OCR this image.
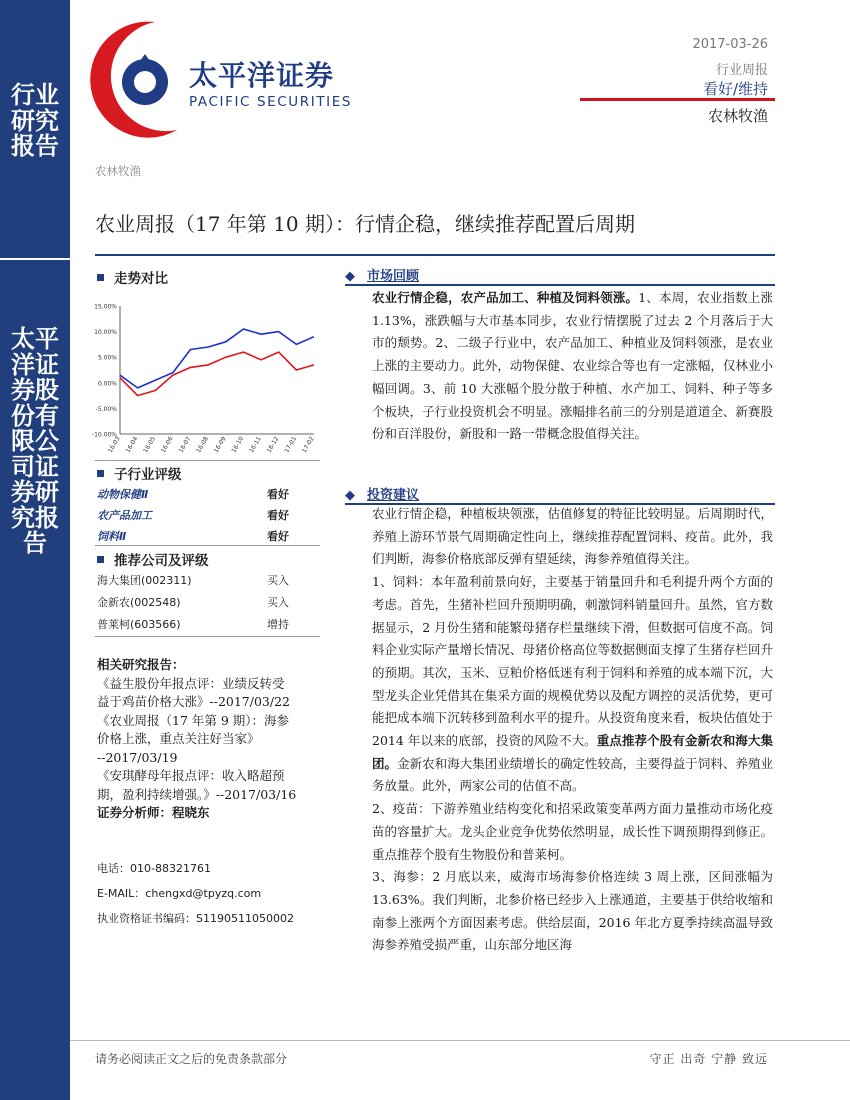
行业研究报告
太平洋证券股份有限公司证券研究报告
太平洋证券
PACIFIC SECURITIES
2017-03-26
行业周报
看好/维持
农林牧渔
农林牧渔
农业周报（17 年第 10 期）：行情企稳，继续推荐配置后周期
走势对比
15.00%
10.00%
5.00%
0.00%
-5.00%
-10.00%
16-03 16-04 16-05 16-06 16-07 16-08 16-09 16-10 16-11 16-12 17-01 17-02
子行业评级
动物保健Ⅱ	看好
农产品加工	看好
饲料Ⅱ	看好
推荐公司及评级
海大集团(002311)	买入
金新农(002548)	买入
普莱柯(603566)	增持
相关研究报告：
《益生股份年报点评：业绩反转受
益于鸡苗价格大涨》--2017/03/22
《农业周报（17 年第 9 期）：海参
价格上涨，重点关注好当家》
--2017/03/19
《安琪酵母年报点评：收入略超预
期，盈利持续增强。》--2017/03/16
证券分析师：程晓东
电话：010-88321761
E-MAIL：chengxd@tpyzq.com
执业资格证书编码：S1190511050002
◆ 市场回顾

农业行情企稳，农产品加工、种植及饲料领涨。1、本周，农业指数上涨 1.13%，涨跌幅与大市基本同步，农业行情摆脱了过去 2 个月落后于大市的颓势。2、二级子行业中，农产品加工、种植业及饲料领涨，是农业上涨的主要动力。此外，动物保健、农业综合等也有一定涨幅，仅林业小幅回调。3、前 10 大涨幅个股分散于种植、水产加工、饲料、种子等多个板块，子行业投资机会不明显。涨幅排名前三的分别是道道全、新赛股份和百洋股份，新股和一路一带概念股值得关注。

◆ 投资建议

农业行情企稳，种植板块领涨，估值修复的特征比较明显。后周期时代，养殖上游环节景气周期确定性向上，继续推荐配置饲料、疫苗。此外，我们判断，海参价格底部反弹有望延续，海参养殖值得关注。

1、饲料：本年盈利前景向好，主要基于销量回升和毛利提升两个方面的考虑。首先，生猪补栏回升预期明确，刺激饲料销量回升。虽然，官方数据显示，2 月份生猪和能繁母猪存栏量继续下滑，但数据可信度不高。饲料企业实际产量增长情况、母猪价格高位等数据侧面支撑了生猪存栏回升的预期。其次，玉米、豆粕价格低迷有利于饲料和养殖的成本端下沉，大型龙头企业凭借其在集采方面的规模优势以及配方调控的灵活优势，更可能把成本端下沉转移到盈利水平的提升。从投资角度来看，板块估值处于 2014 年以来的底部，投资的风险不大。重点推荐个股有金新农和海大集团。金新农和海大集团业绩增长的确定性较高，主要得益于饲料、养殖业务放量。此外，两家公司的估值不高。

2、疫苗：下游养殖业结构变化和招采政策变革两方面力量推动市场化疫苗的容量扩大。龙头企业竞争优势依然明显，成长性下调预期得到修正。重点推荐个股有生物股份和普莱柯。

3、海参：2 月底以来，威海市场海参价格连续 3 周上涨，区间涨幅为 13.63%。我们判断，北参价格已经步入上涨通道，主要基于供给收缩和南参上涨两个方面因素考虑。供给层面，2016 年北方夏季持续高温导致海参养殖受损严重，山东部分地区海

请务必阅读正文之后的免责条款部分	守正 出奇 宁静 致远
